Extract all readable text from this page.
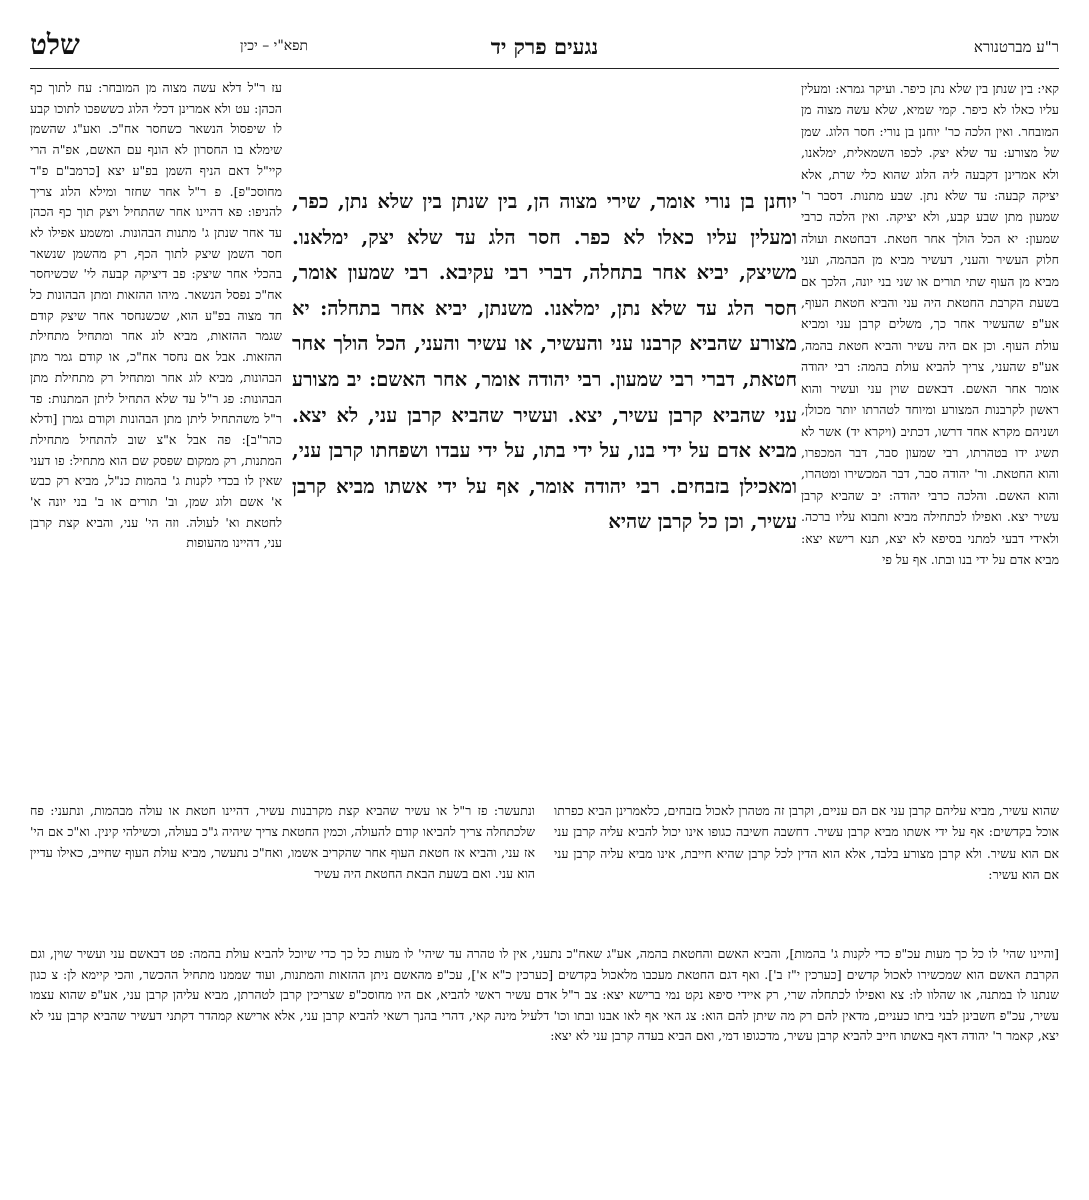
שלט	תפא"י – יכין	נגעים פרק יד	ר"ע מברטנורא

קאי: בין שנתן בין שלא נתן כיפר. ועיקר גמרא: ומעלין עליו כאלו לא כיפר. קמי שמיא, שלא עשה מצוה מן המובחר. ואין הלכה כר' יוחנן בן נורי: חסר הלוג. שמן של מצורע: עד שלא יצק. לכפו השמאלית, ימלאנו, ולא אמרינן דקבעה ליה הלוג שהוא כלי שרת, אלא יציקה קבעה: עד שלא נתן. שבע מתנות. דסבר ר' שמעון מתן שבע קבע, ולא יציקה. ואין הלכה כרבי שמעון: יא הכל הולך אחר חטאת. דבחטאת ועולה חלוק העשיר והעני, דעשיר מביא מן הבהמה, ועני מביא מן העוף שתי תורים או שני בני יונה, הלכך אם בשעת הקרבת החטאת היה עני והביא חטאת העוף, אע"פ שהעשיר אחר כך, משלים קרבן עני ומביא עולת העוף. וכן אם היה עשיר והביא חטאת בהמה, אע"פ שהעני, צריך להביא עולת בהמה: רבי יהודה אומר אחר האשם. דבאשם שוין עני ועשיר והוא ראשון לקרבנות המצורע ומיוחד לטהרתו יותר מכולן, ושניהם מקרא אחד דרשו, דכתיב (ויקרא יד) אשר לא תשיג ידו בטהרתו, רבי שמעון סבר, דבר המכפרו, והוא החטאת. ור' יהודה סבר, דבר המכשירו ומטהרו, והוא האשם. והלכה כרבי יהודה: יב שהביא קרבן עשיר יצא. ואפילו לכתחילה מביא ותבוא עליו ברכה. ולאידי דבעי למתני בסיפא לא יצא, תנא רישא יצא: מביא אדם על ידי בנו ובתו. אף על פי

יוחנן בן נורי אומר, שירי מצוה הן, בין שנתן בין שלא נתן, כפר, ומעלין עליו כאלו לא כפר. חסר הלג עד שלא יצק, ימלאנו. משיצק, יביא אחר בתחלה, דברי רבי עקיבא. רבי שמעון אומר, חסר הלג עד שלא נתן, ימלאנו. משנתן, יביא אחר בתחלה: יא מצורע שהביא קרבנו עני והעשיר, או עשיר והעני, הכל הולך אחר חטאת, דברי רבי שמעון. רבי יהודה אומר, אחר האשם: יב מצורע עני שהביא קרבן עשיר, יצא. ועשיר שהביא קרבן עני, לא יצא. מביא אדם על ידי בנו, על ידי בתו, על ידי עבדו ושפחתו קרבן עני, ומאכילן בזבחים. רבי יהודה אומר, אף על ידי אשתו מביא קרבן עשיר, וכן כל קרבן שהיא

עז ר"ל דלא עשה מצוה מן המובחר: עח לתוך כף הכהן: עט ולא אמרינן דכלי הלוג כששפכו לתוכו קבע לו שיפסול הנשאר כשחסר אח"כ. ואע"ג שהשמן שימלא בו החסרון לא הונף עם האשם, אפ"ה הרי קיי"ל דאם הניף השמן בפ"ע יצא [כרמב"ם פ"ד מחוסכ"פ]. פ ר"ל אחר שחזר ומילא הלוג צריך להניפו: פא דהיינו אחר שהתחיל ויצק תוך כף הכהן עד אחר שנתן ג' מתנות הבהונות. ומשמע אפילו לא חסר השמן שיצק לתוך הכף, רק מהשמן שנשאר בהכלי אחר שיצק: פב דיציקה קבעה לי' שכשיחסר אח"כ נפסל הנשאר. מיהו ההזאות ומתן הבהונות כל חד מצוה בפ"ע הוא, שכשנחסר אחר שיצק קודם שגמר ההזאות, מביא לוג אחר ומתחיל מתחילת ההזאות. אבל אם נחסר אח"כ, או קודם גמר מתן הבהונות, מביא לוג אחר ומתחיל רק מתחילת מתן הבהונות: פג ר"ל עד שלא התחיל ליתן המתנות: פד ר"ל משהתחיל ליתן מתן הבהונות וקודם גמרן [ודלא כהר"ב]: פה אבל א"צ שוב להתחיל מתחילת המתנות, רק ממקום שפסק שם הוא מתחיל: פו דעני שאין לו בכדי לקנות ג' בהמות כנ"ל, מביא רק כבש א' אשם ולוג שמן, וב' תורים או ב' בני יונה א' לחטאת וא' לעולה. וזה הי' עני, והביא קצת קרבן עני, דהיינו מהעופות

שהוא עשיר, מביא עליהם קרבן עני אם הם עניים, וקרבן זה מטהרן לאכול בזבחים, כלאמרינן הביא כפרתו אוכל בקדשים: אף על ידי אשתו מביא קרבן עשיר. דחשבה חשיבה כגופו אינו יכול להביא עליה קרבן עני אם הוא עשיר. ולא קרבן מצורע בלבד, אלא הוא הדין לכל קרבן שהיא חייבת, אינו מביא עליה קרבן עני אם הוא עשיר:

ונתעשר: פז ר"ל או עשיר שהביא קצת מקרבנות עשיר, דהיינו חטאת או עולה מבהמות, ונתעני: פח שלכתחלה צריך להביאו קודם להעולה, וכמין החטאת צריך שיהיה ג"כ בעולה, וכשילהי קינין. וא"כ אם הי' אז עני, והביא אז חטאת העוף אחר שהקריב אשמו, ואח"כ נתעשר, מביא עולת העוף שחייב, כאילו עדיין הוא עני. ואם בשעת הבאת החטאת היה עשיר

[והיינו שהי' לו כל כך מעות עכ"פ כדי לקנות ג' בהמות], והביא האשם והחטאת בהמה, אע"ג שאח"כ נתעני, אין לו טהרה עד שיהי' לו מעות כל כך כדי שיוכל להביא עולת בהמה: פט דבאשם עני ועשיר שוין, וגם הקרבת האשם הוא שמכשירו לאכול קדשים [כערכין י"ז ב']. ואף דגם החטאת מעכבו מלאכול בקדשים [כערכין כ"א א'], עכ"פ מהאשם ניתן ההזאות והמתנות, ועוד שממנו מתחיל ההכשר, והכי קיימא לן: צ כגון שנתנו לו במתנה, או שהלוו לו: צא ואפילו לכתחלה שרי, רק איידי סיפא נקט נמי ברישא יצא: צב ר"ל אדם עשיר ראשי להביא, אם היו מחוסכ"פ שצריכין קרבן לטהרתן, מביא עליהן קרבן עני, אע"פ שהוא עצמו עשיר, עכ"פ חשבינן לבני ביתו כעניים, מדאין להם רק מה שיתן להם הוא: צג האי אף לאו אבנו ובתו וכו' דלעיל מינה קאי, דהרי בהנך רשאי להביא קרבן עני, אלא ארישא קמהדר דקתני דעשיר שהביא קרבן עני לא יצא, קאמר ר' יהודה דאף באשתו חייב להביא קרבן עשיר, מדכגופו דמי, ואם הביא בעדה קרבן עני לא יצא:
